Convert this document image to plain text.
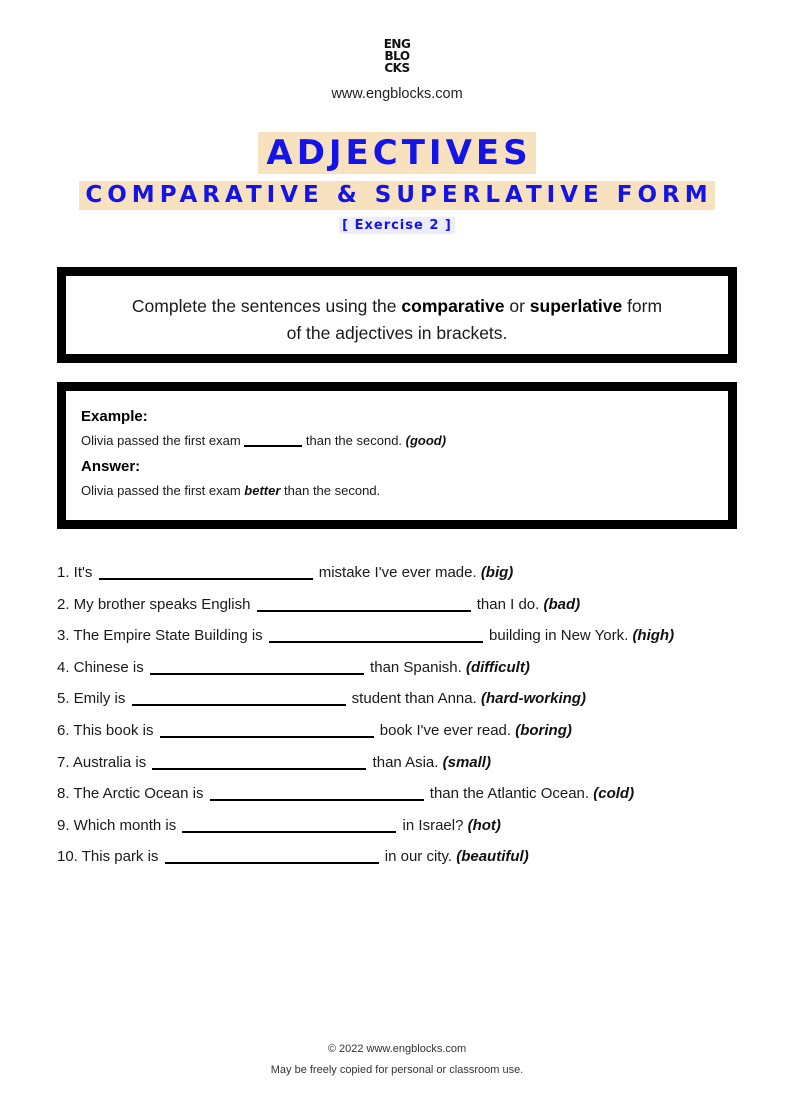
ENG
BLO
CKS
www.engblocks.com
ADJECTIVES
COMPARATIVE & SUPERLATIVE FORM
[ Exercise 2 ]
Complete the sentences using the comparative or superlative form
of the adjectives in brackets.
Example:
Olivia passed the first exam	than the second. (good)
Answer:
Olivia passed the first exam better than the second.
1. It's	mistake I've ever made. (big)
2. My brother speaks English	than I do. (bad)
3. The Empire State Building is	building in New York. (high)
4. Chinese is	than Spanish. (difficult)
5. Emily is	student than Anna. (hard-working)
6. This book is	book I've ever read. (boring)
7. Australia is	than Asia. (small)
8. The Arctic Ocean is	than the Atlantic Ocean. (cold)
9. Which month is	in Israel? (hot)
10. This park is	in our city. (beautiful)
© 2022 www.engblocks.com
May be freely copied for personal or classroom use.
